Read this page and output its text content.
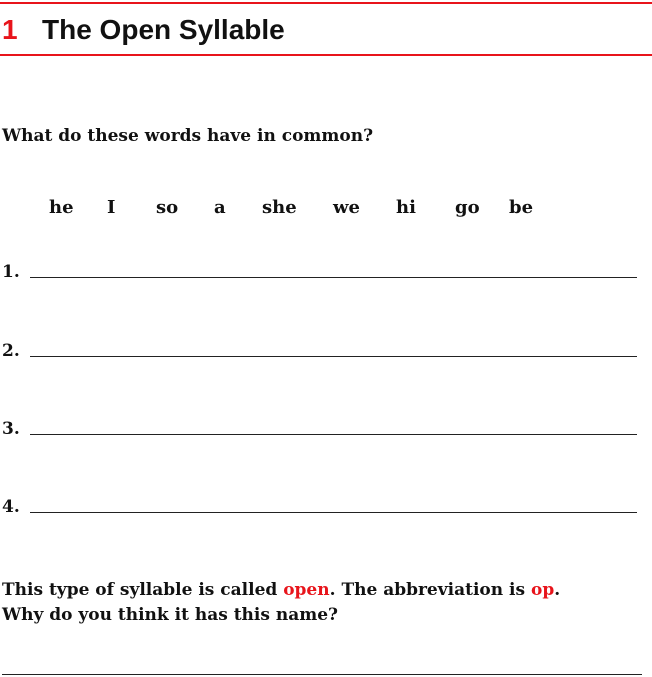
1 The Open Syllable
What do these words have in common?
he I so a she we hi go be
1.
2.
3.
4.
This type of syllable is called open. The abbreviation is op.
Why do you think it has this name?
